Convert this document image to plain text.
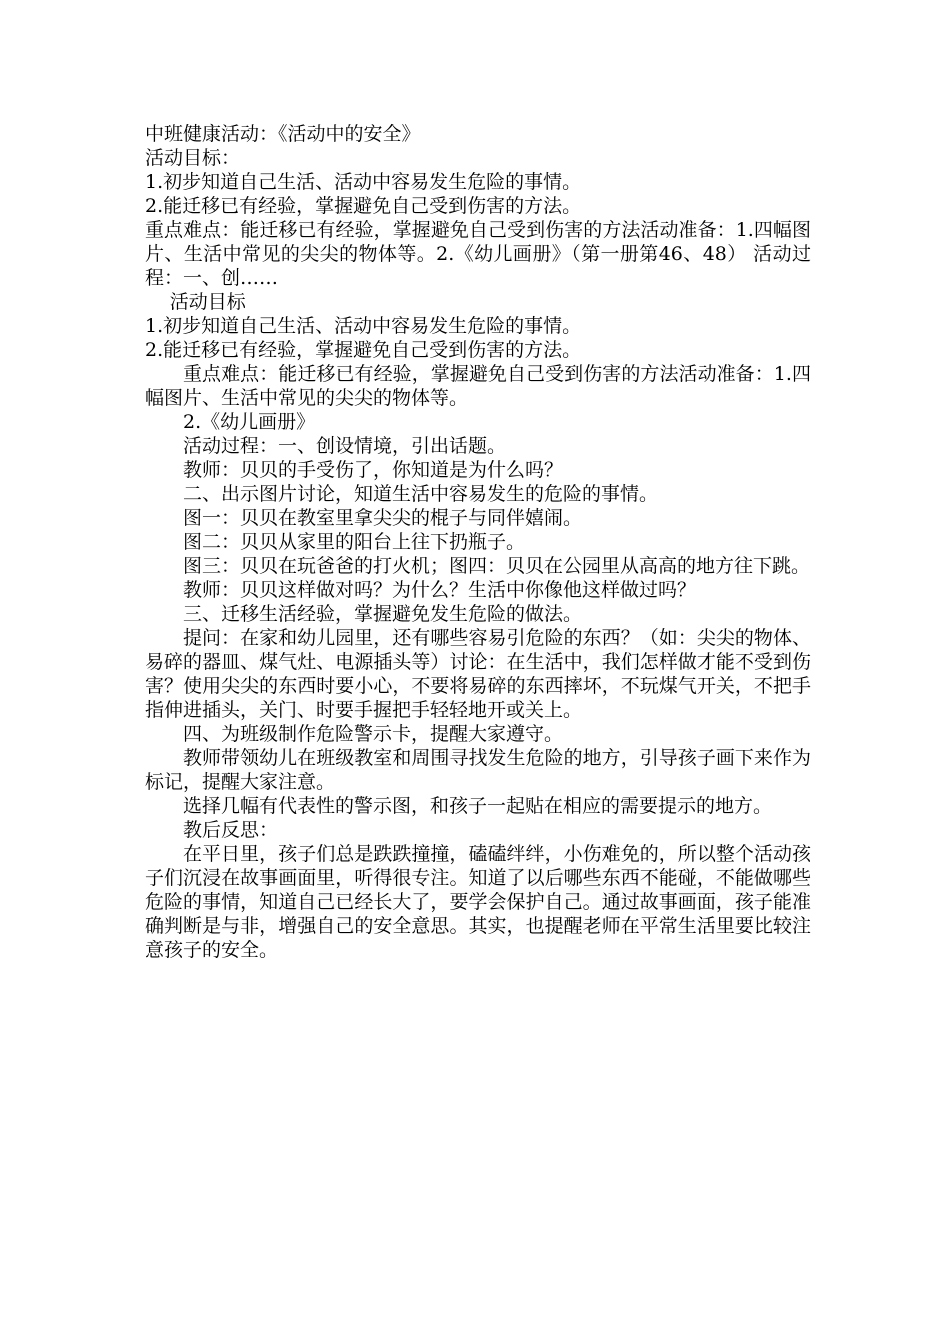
中班健康活动：《活动中的安全》

活动目标：

1.初步知道自己生活、活动中容易发生危险的事情。

2.能迁移已有经验，掌握避免自己受到伤害的方法。

重点难点：能迁移已有经验，掌握避免自己受到伤害的方法活动准备：1.四幅图片、生活中常见的尖尖的物体等。2.《幼儿画册》（第一册第46、48） 活动过程：一、创……

活动目标

1.初步知道自己生活、活动中容易发生危险的事情。

2.能迁移已有经验，掌握避免自己受到伤害的方法。

重点难点：能迁移已有经验，掌握避免自己受到伤害的方法活动准备：1.四幅图片、生活中常见的尖尖的物体等。

2.《幼儿画册》

活动过程：一、创设情境，引出话题。

教师：贝贝的手受伤了，你知道是为什么吗？

二、出示图片讨论，知道生活中容易发生的危险的事情。

图一：贝贝在教室里拿尖尖的棍子与同伴嬉闹。

图二：贝贝从家里的阳台上往下扔瓶子。

图三：贝贝在玩爸爸的打火机；图四：贝贝在公园里从高高的地方往下跳。

教师：贝贝这样做对吗？为什么？生活中你像他这样做过吗？

三、迁移生活经验，掌握避免发生危险的做法。

提问：在家和幼儿园里，还有哪些容易引危险的东西？（如：尖尖的物体、易碎的器皿、煤气灶、电源插头等）讨论：在生活中，我们怎样做才能不受到伤害？使用尖尖的东西时要小心，不要将易碎的东西摔坏，不玩煤气开关，不把手指伸进插头，关门、时要手握把手轻轻地开或关上。

四、为班级制作危险警示卡，提醒大家遵守。

教师带领幼儿在班级教室和周围寻找发生危险的地方，引导孩子画下来作为标记，提醒大家注意。

选择几幅有代表性的警示图，和孩子一起贴在相应的需要提示的地方。

教后反思：

在平日里，孩子们总是跌跌撞撞，磕磕绊绊，小伤难免的，所以整个活动孩子们沉浸在故事画面里，听得很专注。知道了以后哪些东西不能碰，不能做哪些危险的事情，知道自己已经长大了，要学会保护自己。通过故事画面，孩子能准确判断是与非，增强自己的安全意思。其实，也提醒老师在平常生活里要比较注意孩子的安全。
